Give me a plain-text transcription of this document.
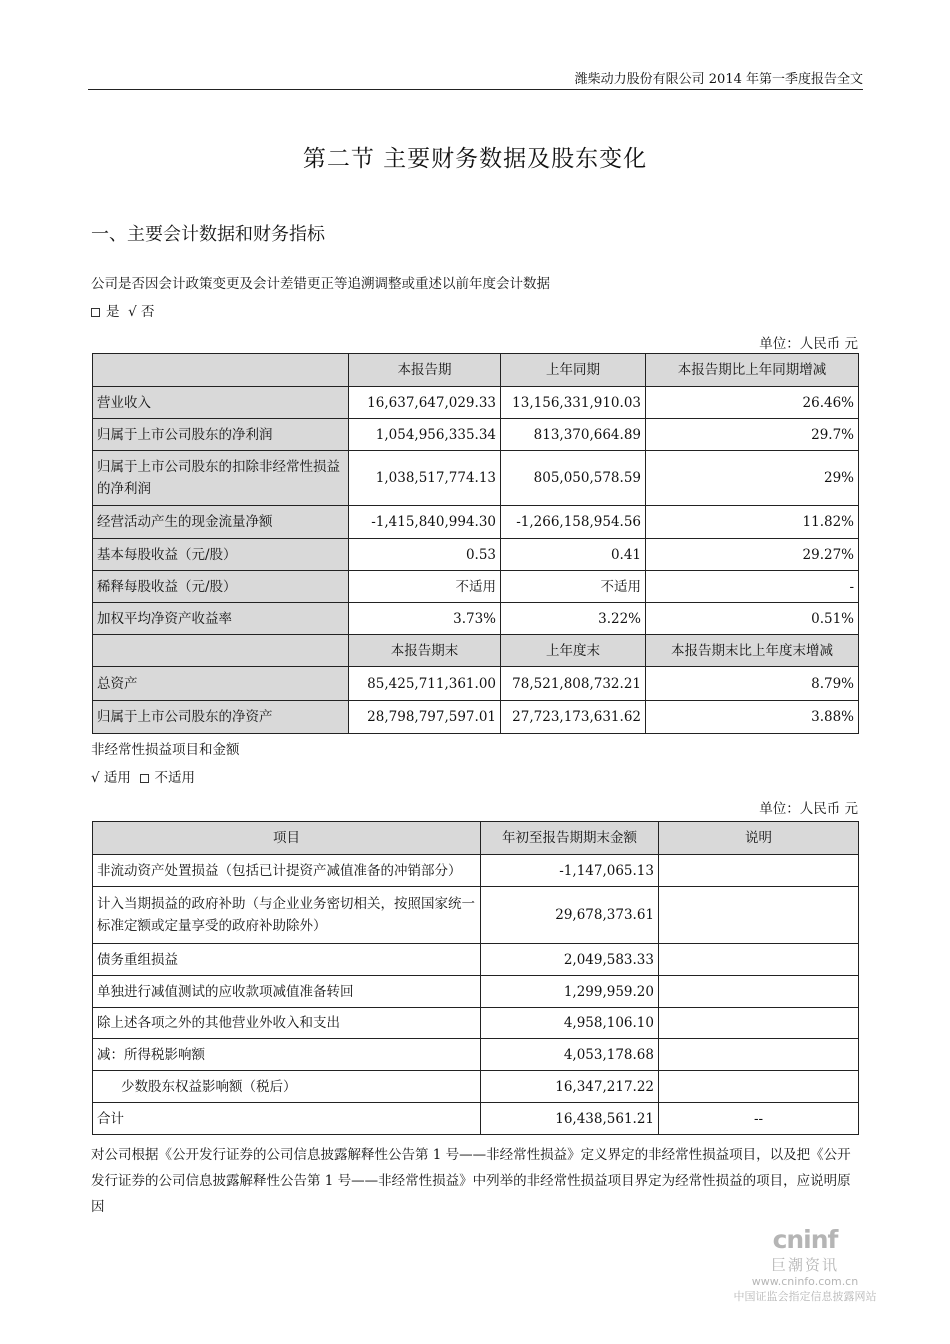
潍柴动力股份有限公司 2014 年第一季度报告全文
第二节 主要财务数据及股东变化
一、主要会计数据和财务指标
公司是否因会计政策变更及会计差错更正等追溯调整或重述以前年度会计数据
是 √ 否
单位：人民币 元
	本报告期	上年同期	本报告期比上年同期增减
营业收入	16,637,647,029.33	13,156,331,910.03	26.46%
归属于上市公司股东的净利润	1,054,956,335.34	813,370,664.89	29.7%
归属于上市公司股东的扣除非经常性损益的净利润	1,038,517,774.13	805,050,578.59	29%
经营活动产生的现金流量净额	-1,415,840,994.30	-1,266,158,954.56	11.82%
基本每股收益（元/股）	0.53	0.41	29.27%
稀释每股收益（元/股）	不适用	不适用	-
加权平均净资产收益率	3.73%	3.22%	0.51%
	本报告期末	上年度末	本报告期末比上年度末增减
总资产	85,425,711,361.00	78,521,808,732.21	8.79%
归属于上市公司股东的净资产	28,798,797,597.01	27,723,173,631.62	3.88%
非经常性损益项目和金额
√ 适用 不适用
单位：人民币 元
项目	年初至报告期期末金额	说明
非流动资产处置损益（包括已计提资产减值准备的冲销部分）	-1,147,065.13	
计入当期损益的政府补助（与企业业务密切相关，按照国家统一标准定额或定量享受的政府补助除外）	29,678,373.61	
债务重组损益	2,049,583.33	
单独进行减值测试的应收款项减值准备转回	1,299,959.20	
除上述各项之外的其他营业外收入和支出	4,958,106.10	
减：所得税影响额	4,053,178.68	
少数股东权益影响额（税后）	16,347,217.22	
合计	16,438,561.21	--
对公司根据《公开发行证券的公司信息披露解释性公告第 1 号——非经常性损益》定义界定的非经常性损益项目，以及把《公开发行证券的公司信息披露解释性公告第 1 号——非经常性损益》中列举的非经常性损益项目界定为经常性损益的项目，应说明原因
cninf
巨潮资讯
www.cninfo.com.cn
中国证监会指定信息披露网站
